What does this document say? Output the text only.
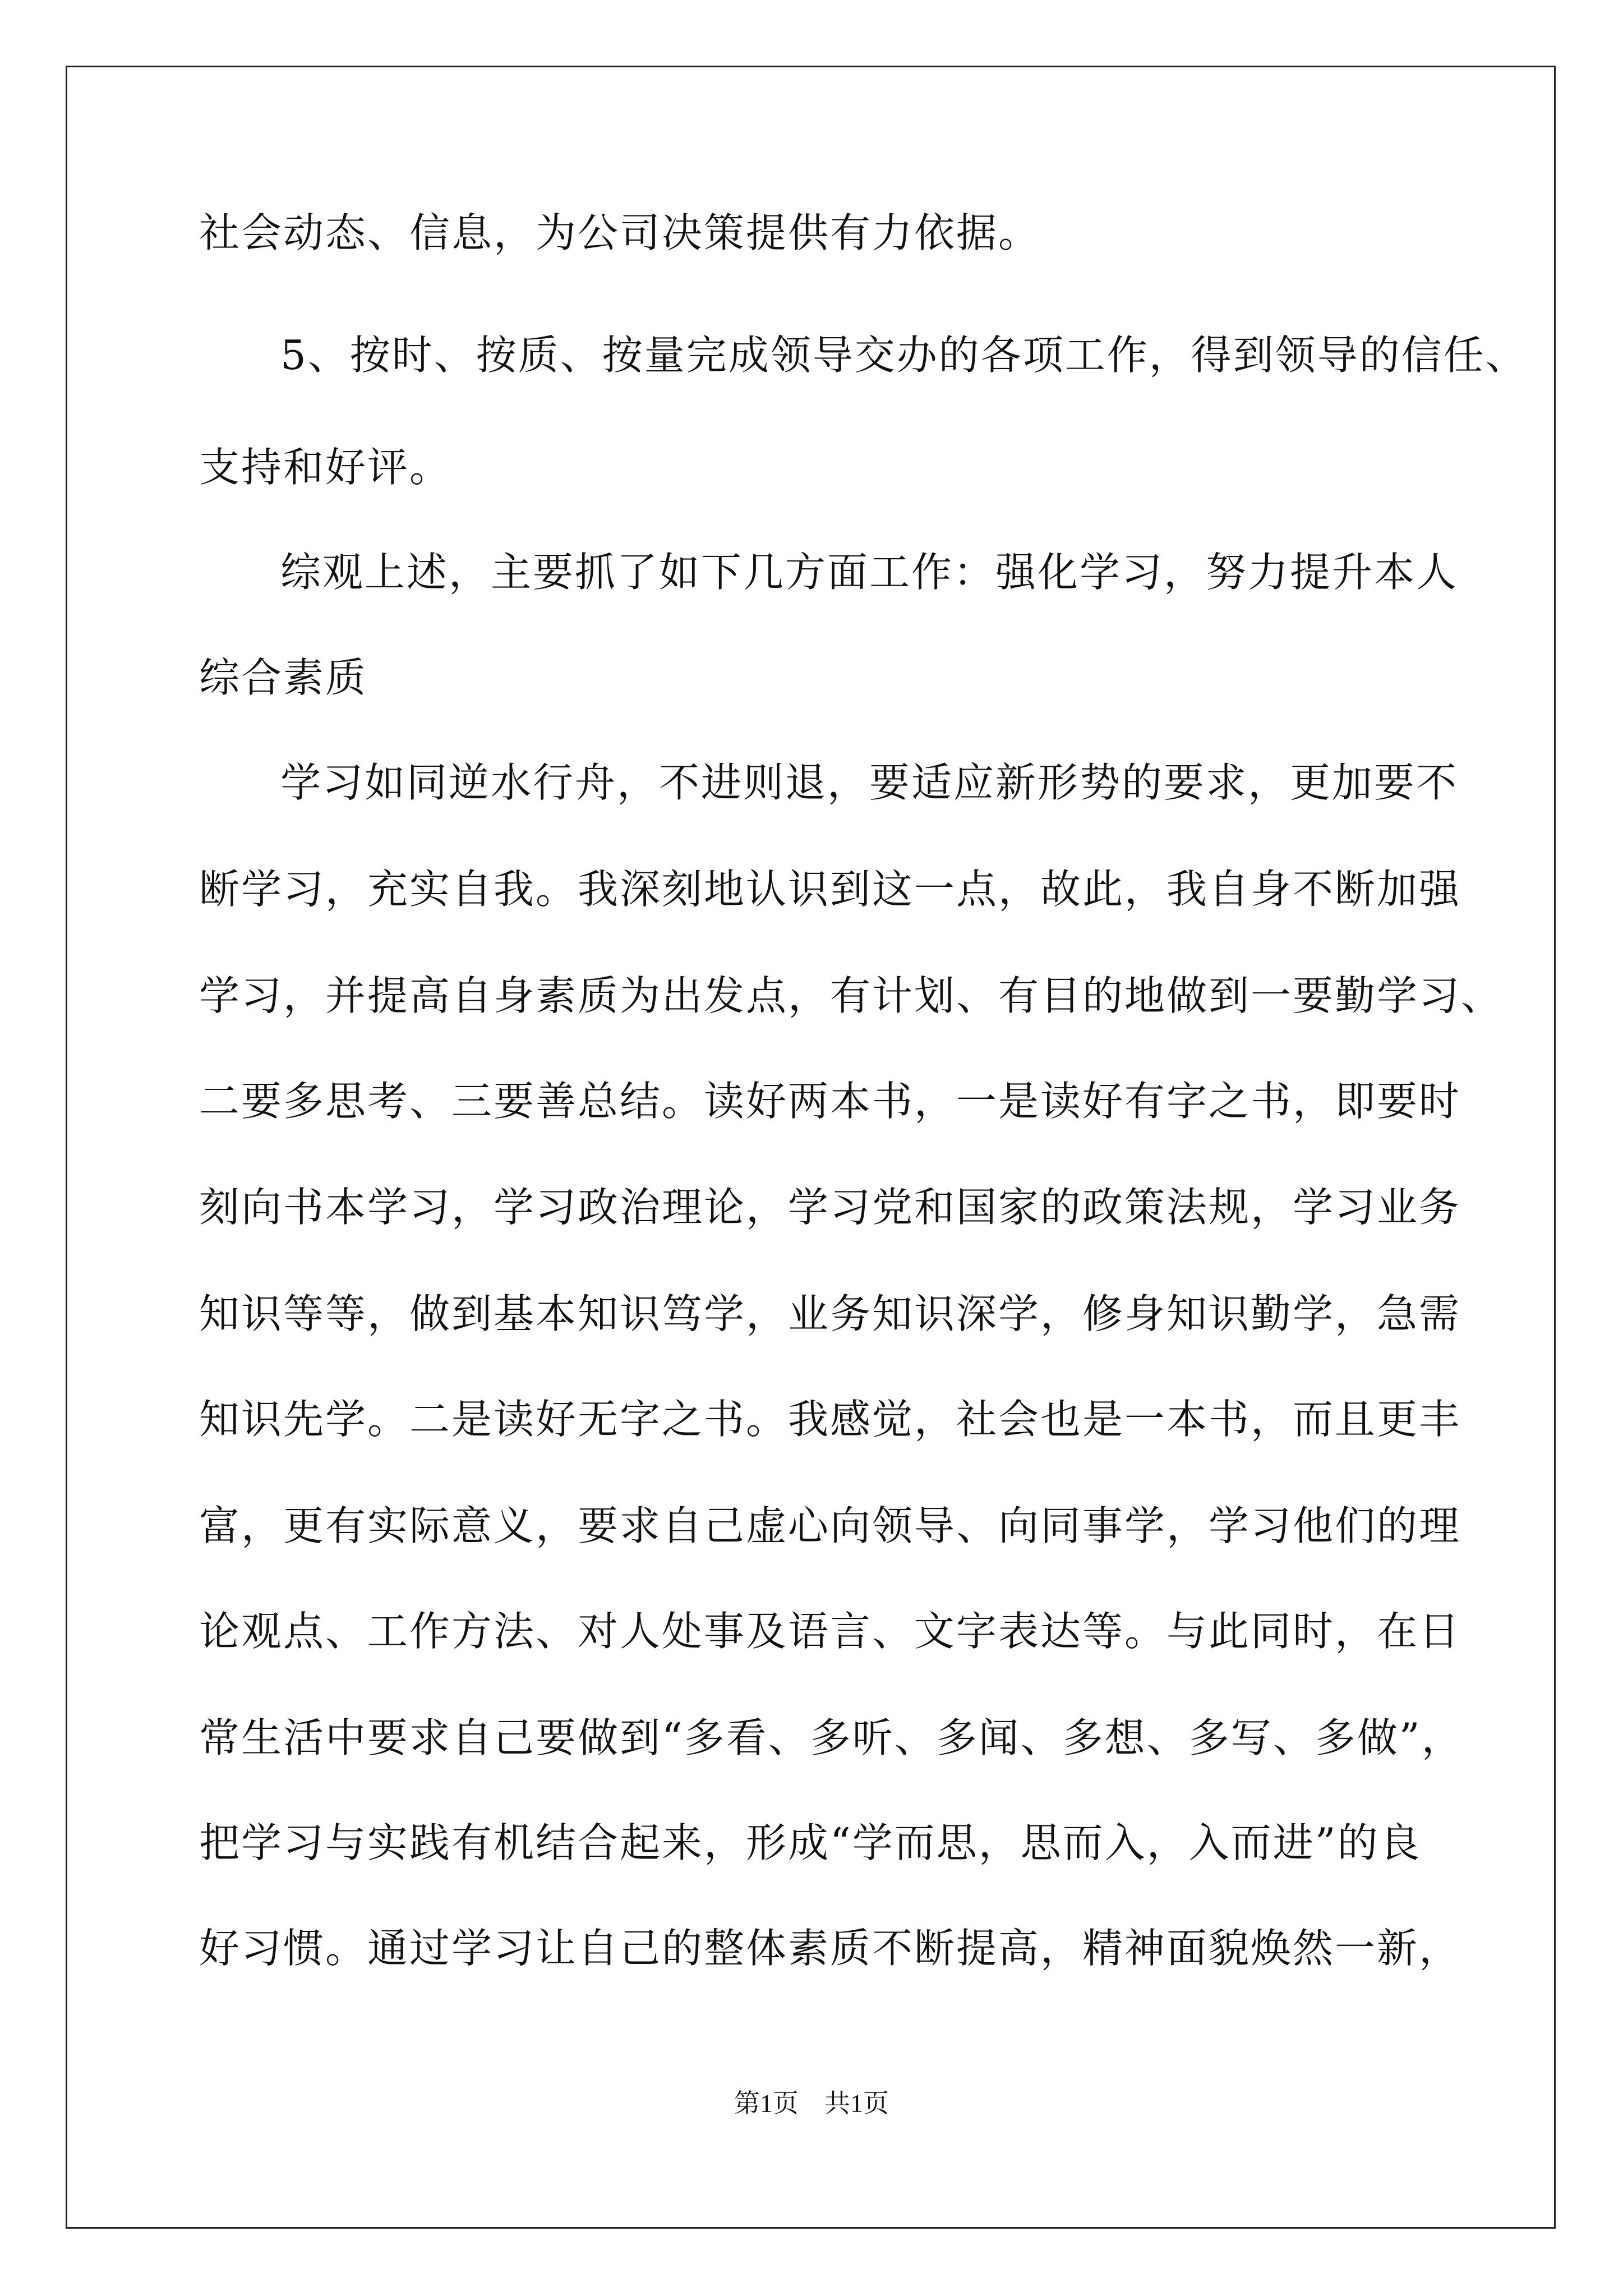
社会动态、信息，为公司决策提供有力依据。
5、按时、按质、按量完成领导交办的各项工作，得到领导的信任、
支持和好评。
综观上述，主要抓了如下几方面工作：强化学习，努力提升本人
综合素质
学习如同逆水行舟，不进则退，要适应新形势的要求，更加要不
断学习，充实自我。我深刻地认识到这一点，故此，我自身不断加强
学习，并提高自身素质为出发点，有计划、有目的地做到一要勤学习、
二要多思考、三要善总结。读好两本书，一是读好有字之书，即要时
刻向书本学习，学习政治理论，学习党和国家的政策法规，学习业务
知识等等，做到基本知识笃学，业务知识深学，修身知识勤学，急需
知识先学。二是读好无字之书。我感觉，社会也是一本书，而且更丰
富，更有实际意义，要求自己虚心向领导、向同事学，学习他们的理
论观点、工作方法、对人处事及语言、文字表达等。与此同时，在日
常生活中要求自己要做到“多看、多听、多闻、多想、多写、多做”，
把学习与实践有机结合起来，形成“学而思，思而入，入而进”的良
好习惯。通过学习让自己的整体素质不断提高，精神面貌焕然一新，
第1页　共1页
